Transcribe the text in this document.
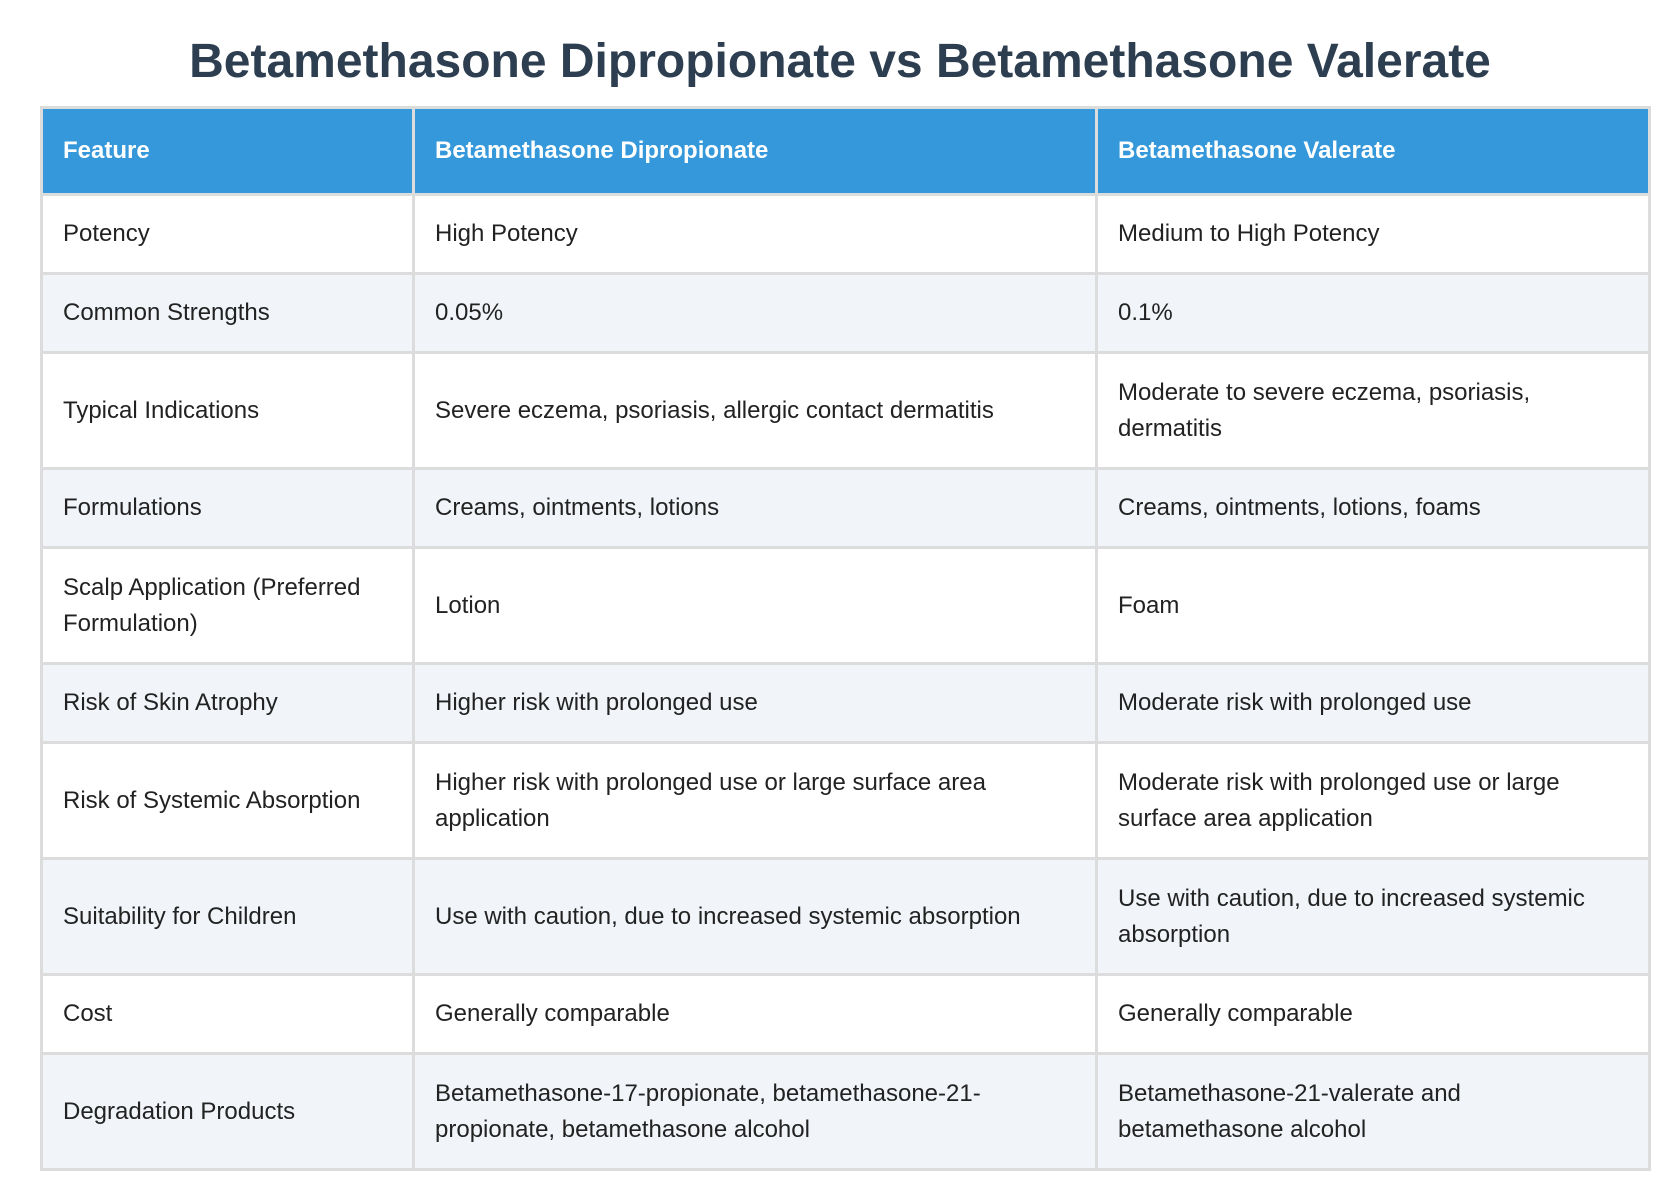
Betamethasone Dipropionate vs Betamethasone Valerate
Feature	Betamethasone Dipropionate	Betamethasone Valerate
Potency	High Potency	Medium to High Potency
Common Strengths	0.05%	0.1%
Typical Indications	Severe eczema, psoriasis, allergic contact dermatitis	Moderate to severe eczema, psoriasis, dermatitis
Formulations	Creams, ointments, lotions	Creams, ointments, lotions, foams
Scalp Application (Preferred Formulation)	Lotion	Foam
Risk of Skin Atrophy	Higher risk with prolonged use	Moderate risk with prolonged use
Risk of Systemic Absorption	Higher risk with prolonged use or large surface area application	Moderate risk with prolonged use or large surface area application
Suitability for Children	Use with caution, due to increased systemic absorption	Use with caution, due to increased systemic absorption
Cost	Generally comparable	Generally comparable
Degradation Products	Betamethasone-17-propionate, betamethasone-21-propionate, betamethasone alcohol	Betamethasone-21-valerate and betamethasone alcohol
